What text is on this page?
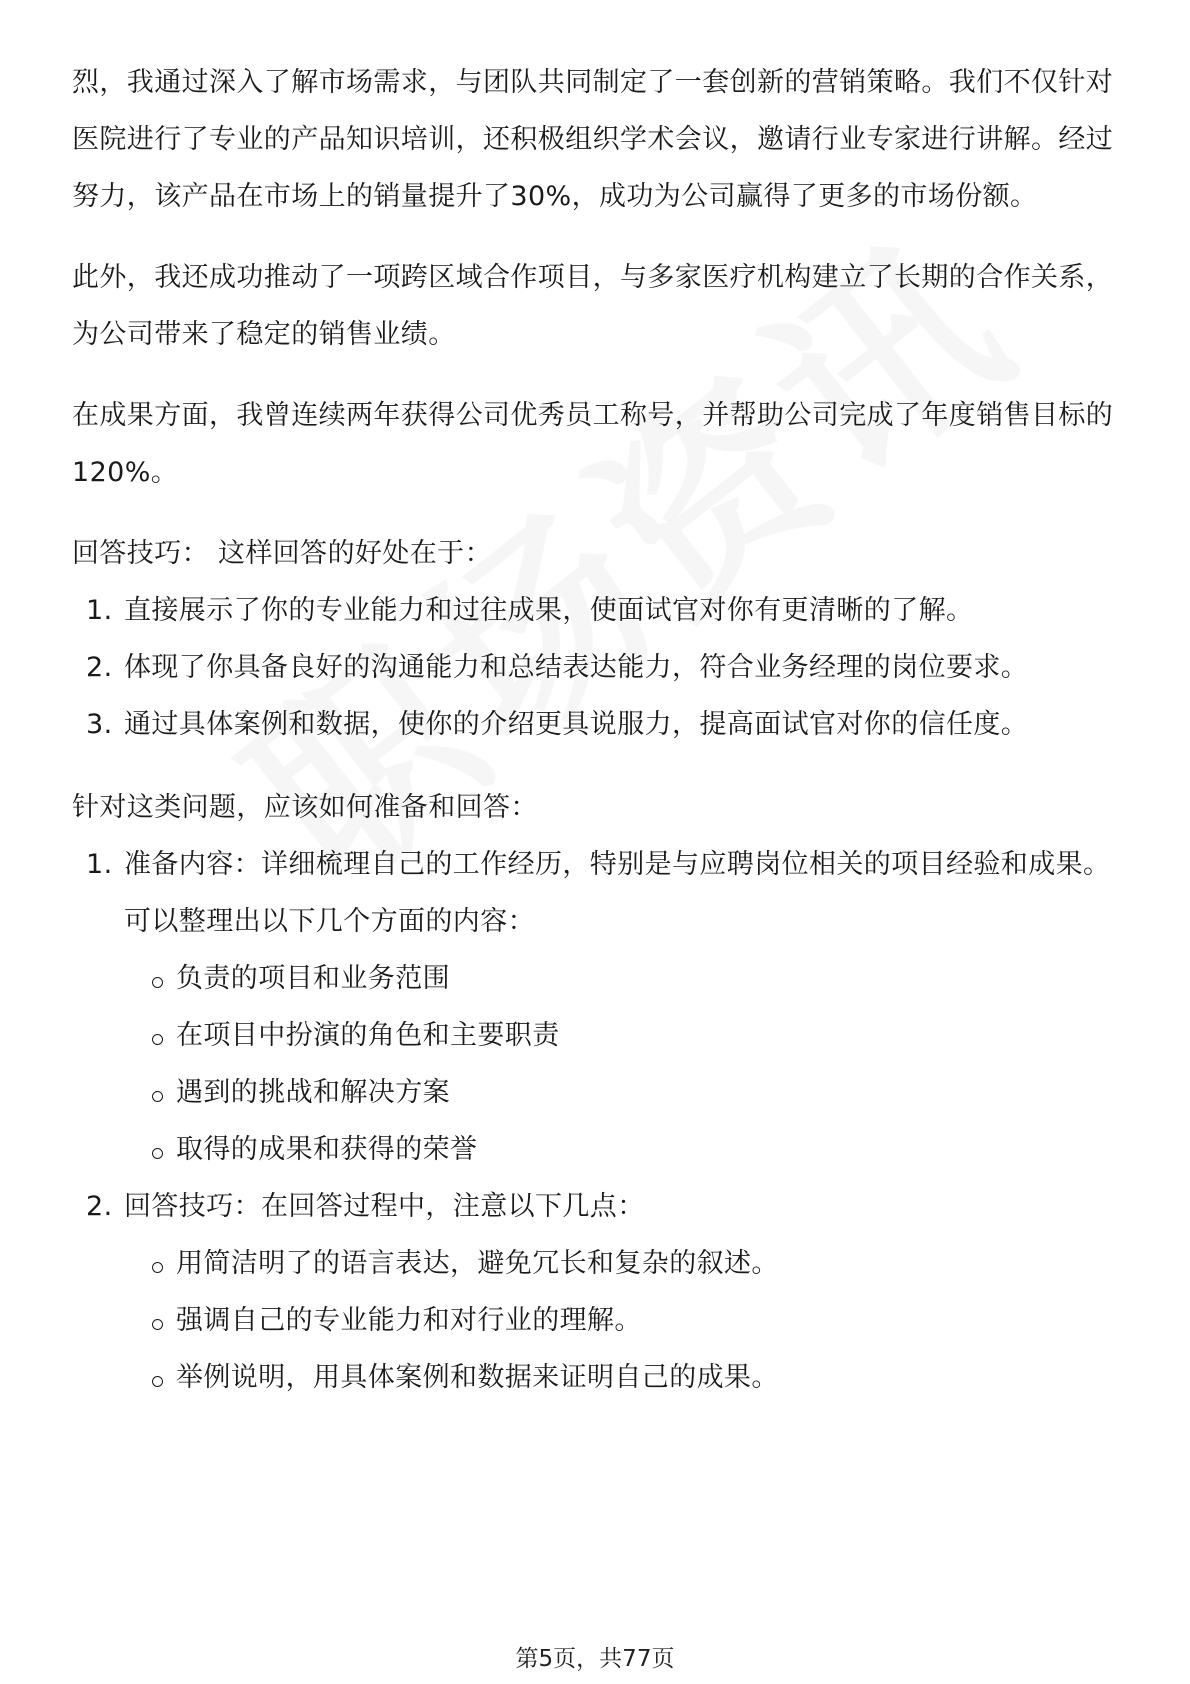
烈，我通过深入了解市场需求，与团队共同制定了一套创新的营销策略。我们不仅针对医院进行了专业的产品知识培训，还积极组织学术会议，邀请行业专家进行讲解。经过努力，该产品在市场上的销量提升了30%，成功为公司赢得了更多的市场份额。

此外，我还成功推动了一项跨区域合作项目，与多家医疗机构建立了长期的合作关系，为公司带来了稳定的销售业绩。

在成果方面，我曾连续两年获得公司优秀员工称号，并帮助公司完成了年度销售目标的120%。

回答技巧： 这样回答的好处在于：

1. 直接展示了你的专业能力和过往成果，使面试官对你有更清晰的了解。
2. 体现了你具备良好的沟通能力和总结表达能力，符合业务经理的岗位要求。
3. 通过具体案例和数据，使你的介绍更具说服力，提高面试官对你的信任度。

针对这类问题，应该如何准备和回答：

1. 准备内容：详细梳理自己的工作经历，特别是与应聘岗位相关的项目经验和成果。可以整理出以下几个方面的内容：
负责的项目和业务范围
在项目中扮演的角色和主要职责
遇到的挑战和解决方案
取得的成果和获得的荣誉
2. 回答技巧：在回答过程中，注意以下几点：
用简洁明了的语言表达，避免冗长和复杂的叙述。
强调自己的专业能力和对行业的理解。
举例说明，用具体案例和数据来证明自己的成果。
第5页，共77页
